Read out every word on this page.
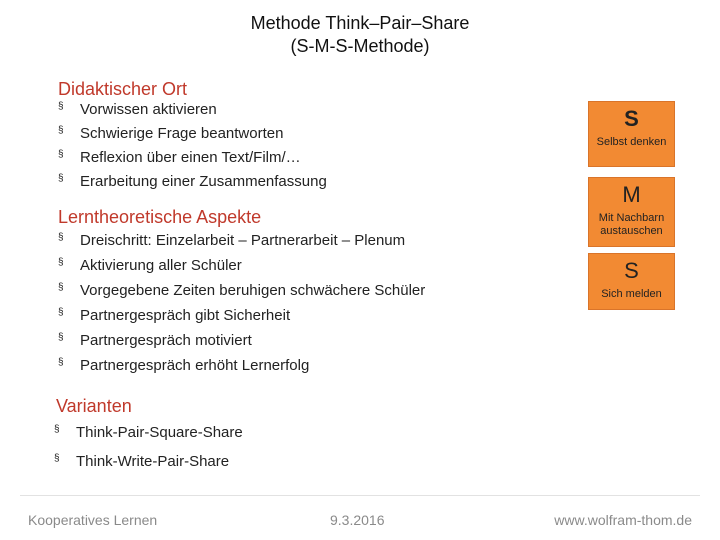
Methode Think–Pair–Share
(S-M-S-Methode)
Didaktischer Ort
§ Vorwissen aktivieren
§ Schwierige Frage beantworten
§ Reflexion über einen Text/Film/…
§ Erarbeitung einer Zusammenfassung
Lerntheoretische Aspekte
§ Dreischritt: Einzelarbeit – Partnerarbeit – Plenum
§ Aktivierung aller Schüler
§ Vorgegebene Zeiten beruhigen schwächere Schüler
§ Partnergespräch gibt Sicherheit
§ Partnergespräch motiviert
§ Partnergespräch erhöht Lernerfolg
Varianten
§ Think-Pair-Square-Share
§ Think-Write-Pair-Share
S
Selbst denken
M
Mit Nachbarn austauschen
S
Sich melden
Kooperatives Lernen	9.3.2016	www.wolfram-thom.de
